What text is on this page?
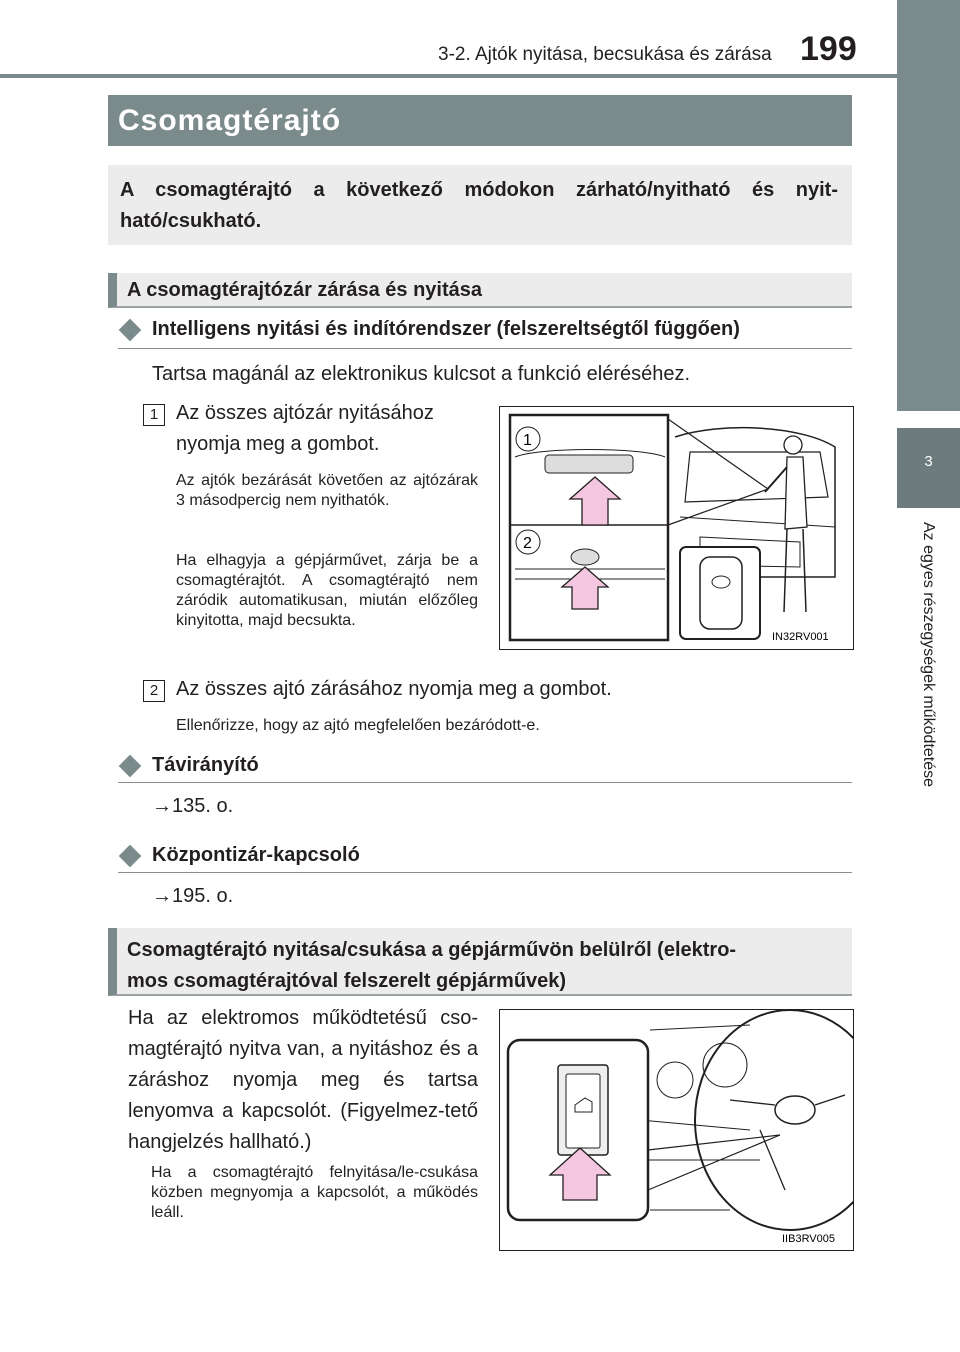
3-2. Ajtók nyitása, becsukása és zárása 199
3
Az egyes részegységek működtetése
Csomagtérajtó

A csomagtérajtó a következő módokon zárható/nyitható és nyit-ható/csukható.

A csomagtérajtózár zárása és nyitása

Intelligens nyitási és indítórendszer (felszereltségtől függően)
Tartsa magánál az elektronikus kulcsot a funkció eléréséhez.
1 Az összes ajtózár nyitásához nyomja meg a gombot.
Az ajtók bezárását követően az ajtózárak 3 másodpercig nem nyithatók.
Ha elhagyja a gépjárművet, zárja be a csomagtérajtót. A csomagtérajtó nem záródik automatikusan, miután előzőleg kinyitotta, majd becsukta.
1
2
IN32RV001
2 Az összes ajtó zárásához nyomja meg a gombot.
Ellenőrizze, hogy az ajtó megfelelően bezáródott-e.
Távirányító
→135. o.
Központizár-kapcsoló
→195. o.

Csomagtérajtó nyitása/csukása a gépjárművön belülről (elektro-

mos csomagtérajtóval felszerelt gépjárművek)

Ha az elektromos működtetésű cso-magtérajtó nyitva van, a nyitáshoz és a záráshoz nyomja meg és tartsa lenyomva a kapcsolót. (Figyelmez-tető hangjelzés hallható.)
Ha a csomagtérajtó felnyitása/le-csukása közben megnyomja a kapcsolót, a működés leáll.
IIB3RV005
